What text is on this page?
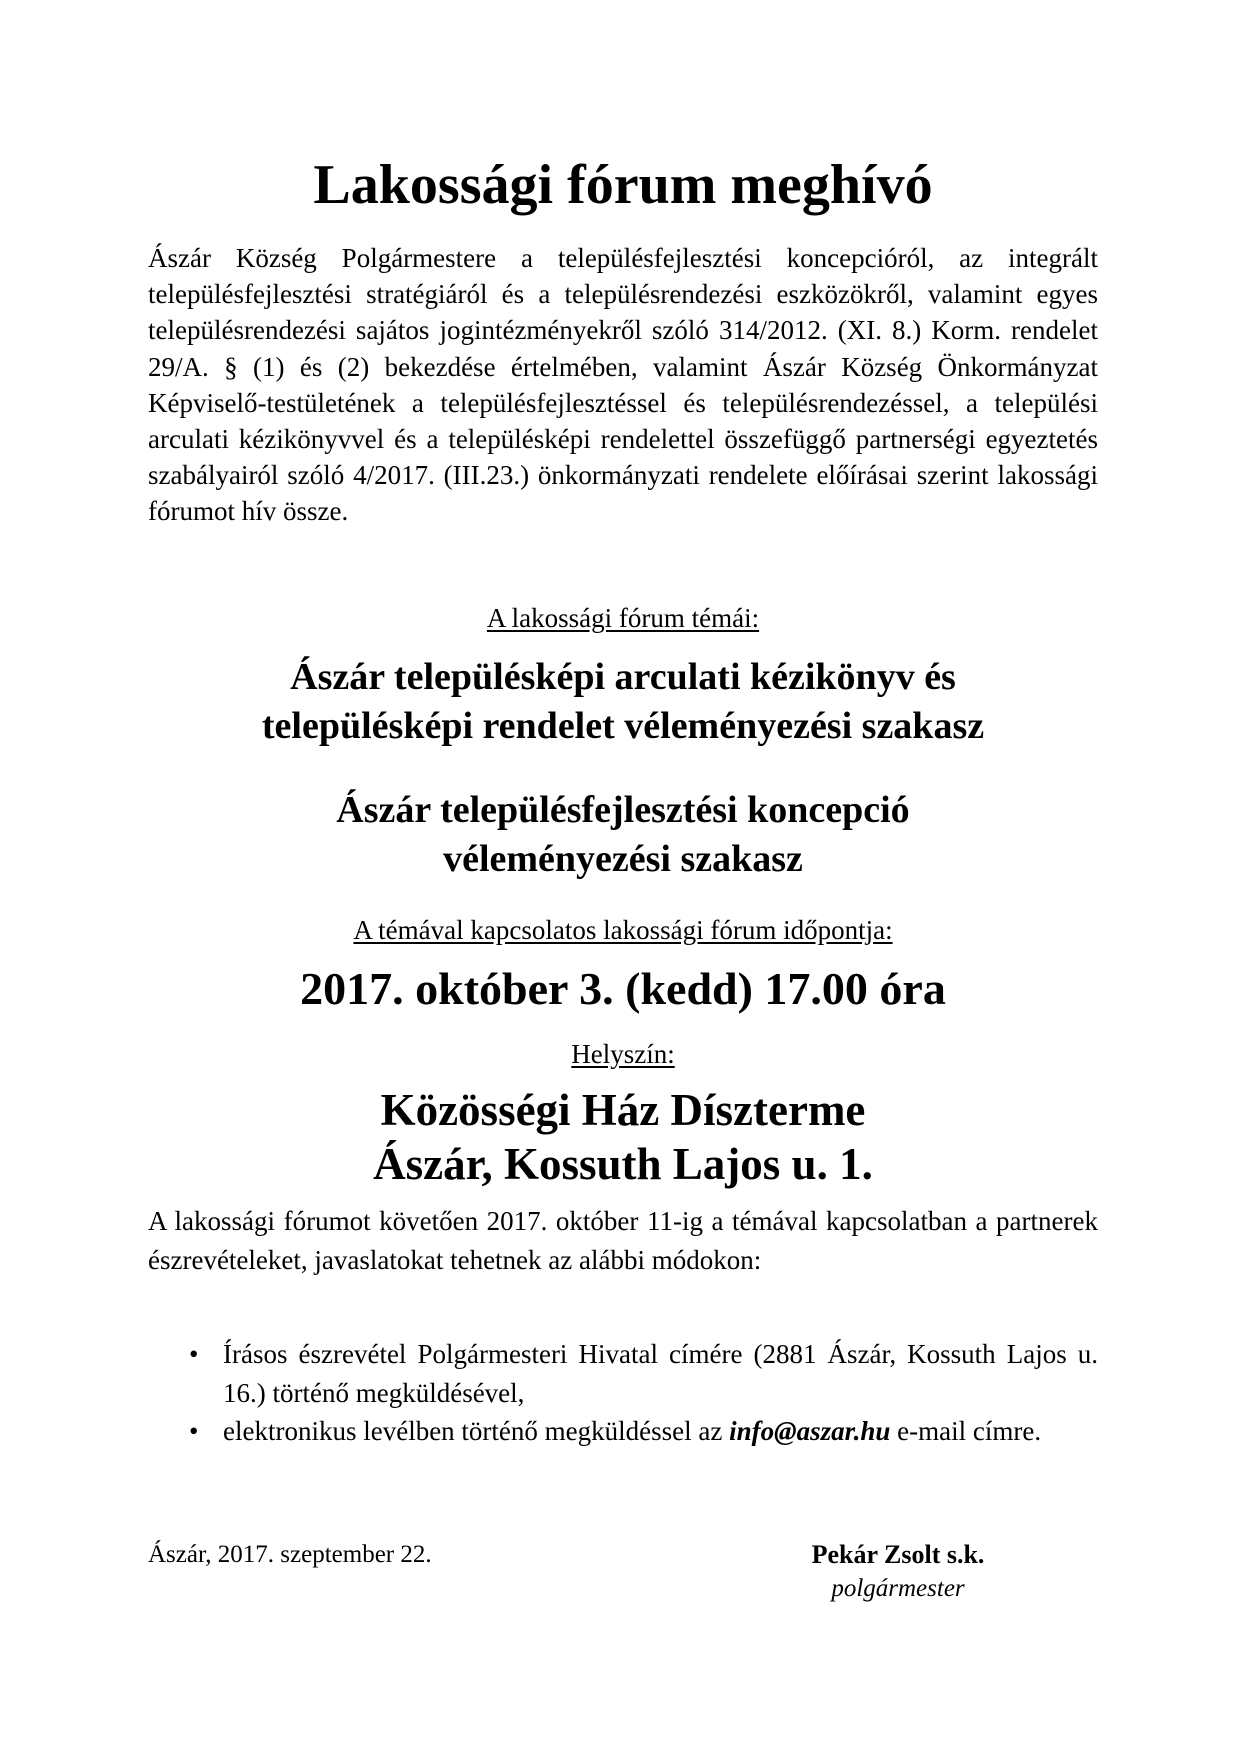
Lakossági fórum meghívó

Ászár Község Polgármestere a településfejlesztési koncepcióról, az integrált településfejlesztési stratégiáról és a településrendezési eszközökről, valamint egyes településrendezési sajátos jogintézményekről szóló 314/2012. (XI. 8.) Korm. rendelet 29/A. § (1) és (2) bekezdése értelmében, valamint Ászár Község Önkormányzat Képviselő-testületének a településfejlesztéssel és településrendezéssel, a települési arculati kézikönyvvel és a településképi rendelettel összefüggő partnerségi egyeztetés szabályairól szóló 4/2017. (III.23.) önkormányzati rendelete előírásai szerint lakossági fórumot hív össze.

A lakossági fórum témái:

Ászár településképi arculati kézikönyv és
településképi rendelet véleményezési szakasz

Ászár településfejlesztési koncepció
véleményezési szakasz

A témával kapcsolatos lakossági fórum időpontja:
2017. október 3. (kedd) 17.00 óra
Helyszín:

Közösségi Ház Díszterme
Ászár, Kossuth Lajos u. 1.

A lakossági fórumot követően 2017. október 11-ig a témával kapcsolatban a partnerek észrevételeket, javaslatokat tehetnek az alábbi módokon:

• Írásos észrevétel Polgármesteri Hivatal címére (2881 Ászár, Kossuth Lajos u. 16.) történő megküldésével,
• elektronikus levélben történő megküldéssel az info@aszar.hu e-mail címre.
Ászár, 2017. szeptember 22.	Pekár Zsolt s.k.
polgármester
